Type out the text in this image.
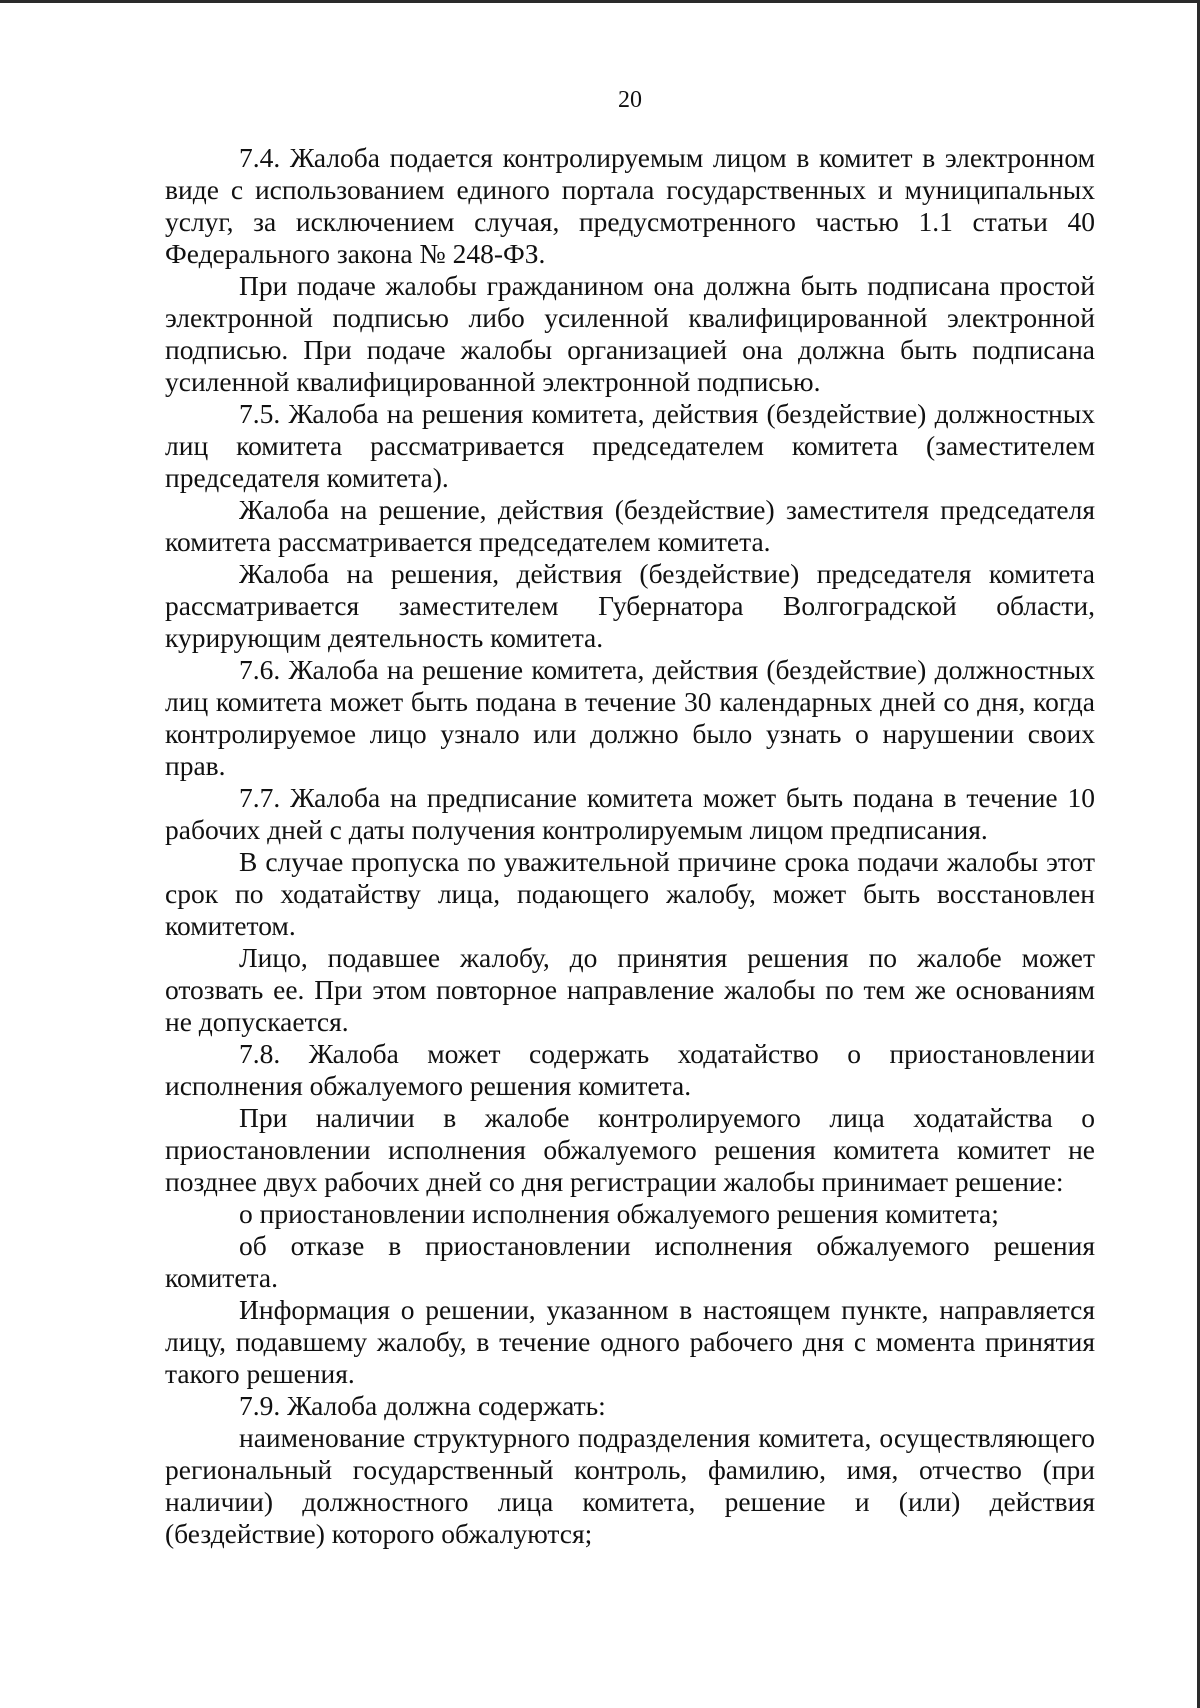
20

7.4. Жалоба подается контролируемым лицом в комитет в электронном виде с использованием единого портала государственных и муниципальных услуг, за исключением случая, предусмотренного частью 1.1 статьи 40 Федерального закона № 248-ФЗ.

При подаче жалобы гражданином она должна быть подписана простой электронной подписью либо усиленной квалифицированной электронной подписью. При подаче жалобы организацией она должна быть подписана усиленной квалифицированной электронной подписью.

7.5. Жалоба на решения комитета, действия (бездействие) должностных лиц комитета рассматривается председателем комитета (заместителем председателя комитета).

Жалоба на решение, действия (бездействие) заместителя председателя комитета рассматривается председателем комитета.

Жалоба на решения, действия (бездействие) председателя комитета рассматривается заместителем Губернатора Волгоградской области, курирующим деятельность комитета.

7.6. Жалоба на решение комитета, действия (бездействие) должностных лиц комитета может быть подана в течение 30 календарных дней со дня, когда контролируемое лицо узнало или должно было узнать о нарушении своих прав.

7.7. Жалоба на предписание комитета может быть подана в течение 10 рабочих дней с даты получения контролируемым лицом предписания.

В случае пропуска по уважительной причине срока подачи жалобы этот срок по ходатайству лица, подающего жалобу, может быть восстановлен комитетом.

Лицо, подавшее жалобу, до принятия решения по жалобе может отозвать ее. При этом повторное направление жалобы по тем же основаниям не допускается.

7.8. Жалоба может содержать ходатайство о приостановлении исполнения обжалуемого решения комитета.

При наличии в жалобе контролируемого лица ходатайства о приостановлении исполнения обжалуемого решения комитета комитет не позднее двух рабочих дней со дня регистрации жалобы принимает решение:

о приостановлении исполнения обжалуемого решения комитета;

об отказе в приостановлении исполнения обжалуемого решения комитета.

Информация о решении, указанном в настоящем пункте, направляется лицу, подавшему жалобу, в течение одного рабочего дня с момента принятия такого решения.

7.9. Жалоба должна содержать:

наименование структурного подразделения комитета, осуществляющего региональный государственный контроль, фамилию, имя, отчество (при наличии) должностного лица комитета, решение и (или) действия (бездействие) которого обжалуются;
